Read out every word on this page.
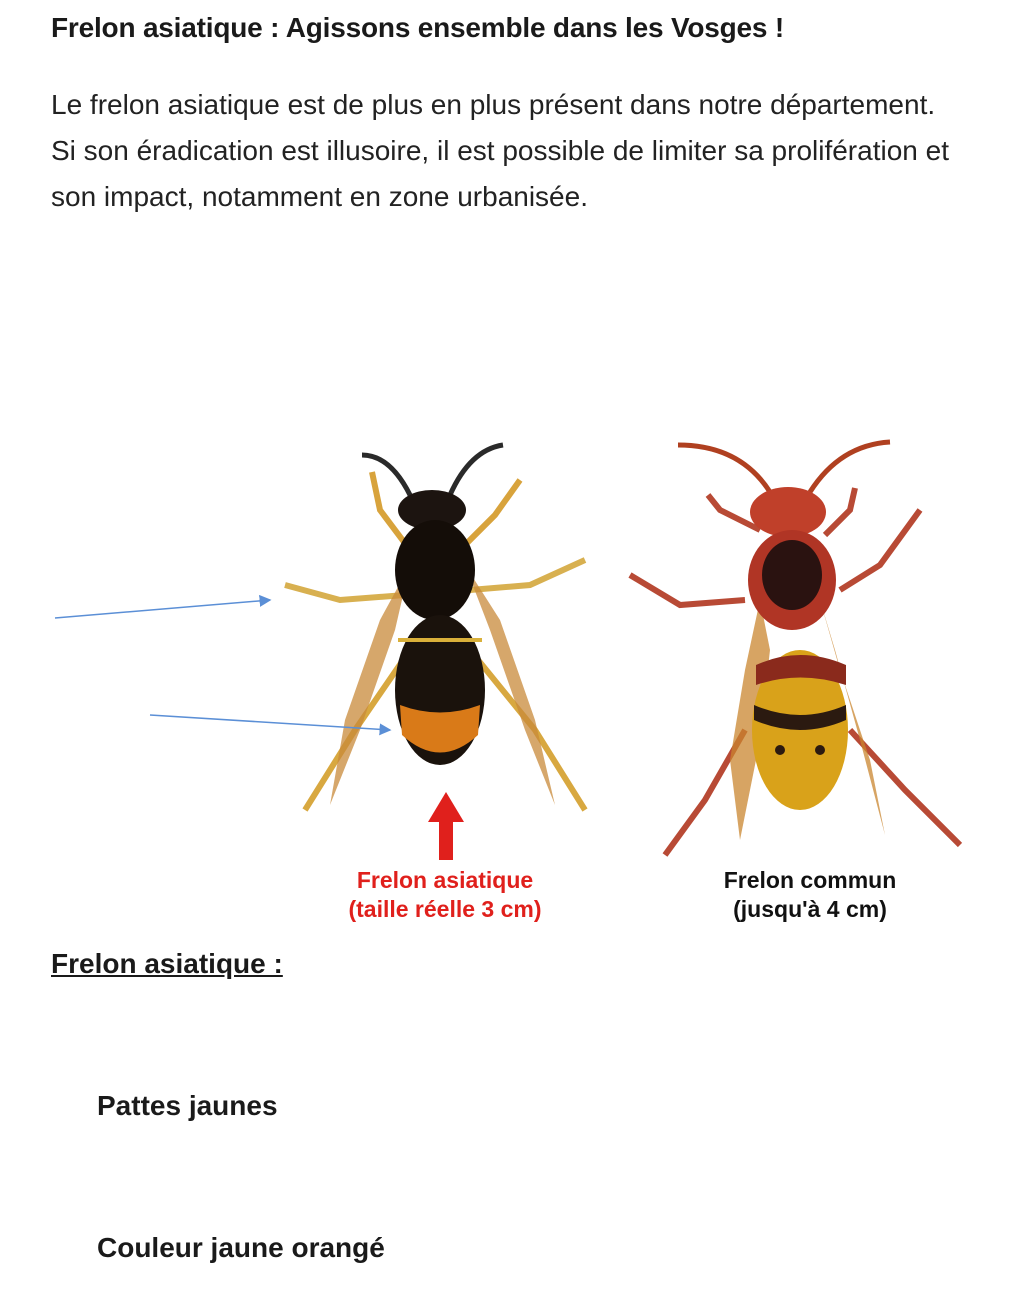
Frelon asiatique : Agissons ensemble dans les Vosges !

Le frelon asiatique est de plus en plus présent dans notre département. Si son éradication est illusoire, il est possible de limiter sa prolifération et son impact, notamment en zone urbanisée.

Frelon asiatique
(taille réelle 3 cm)
Frelon commun
(jusqu'à 4 cm)
Frelon asiatique :

Pattes jaunes

Couleur jaune orangé
